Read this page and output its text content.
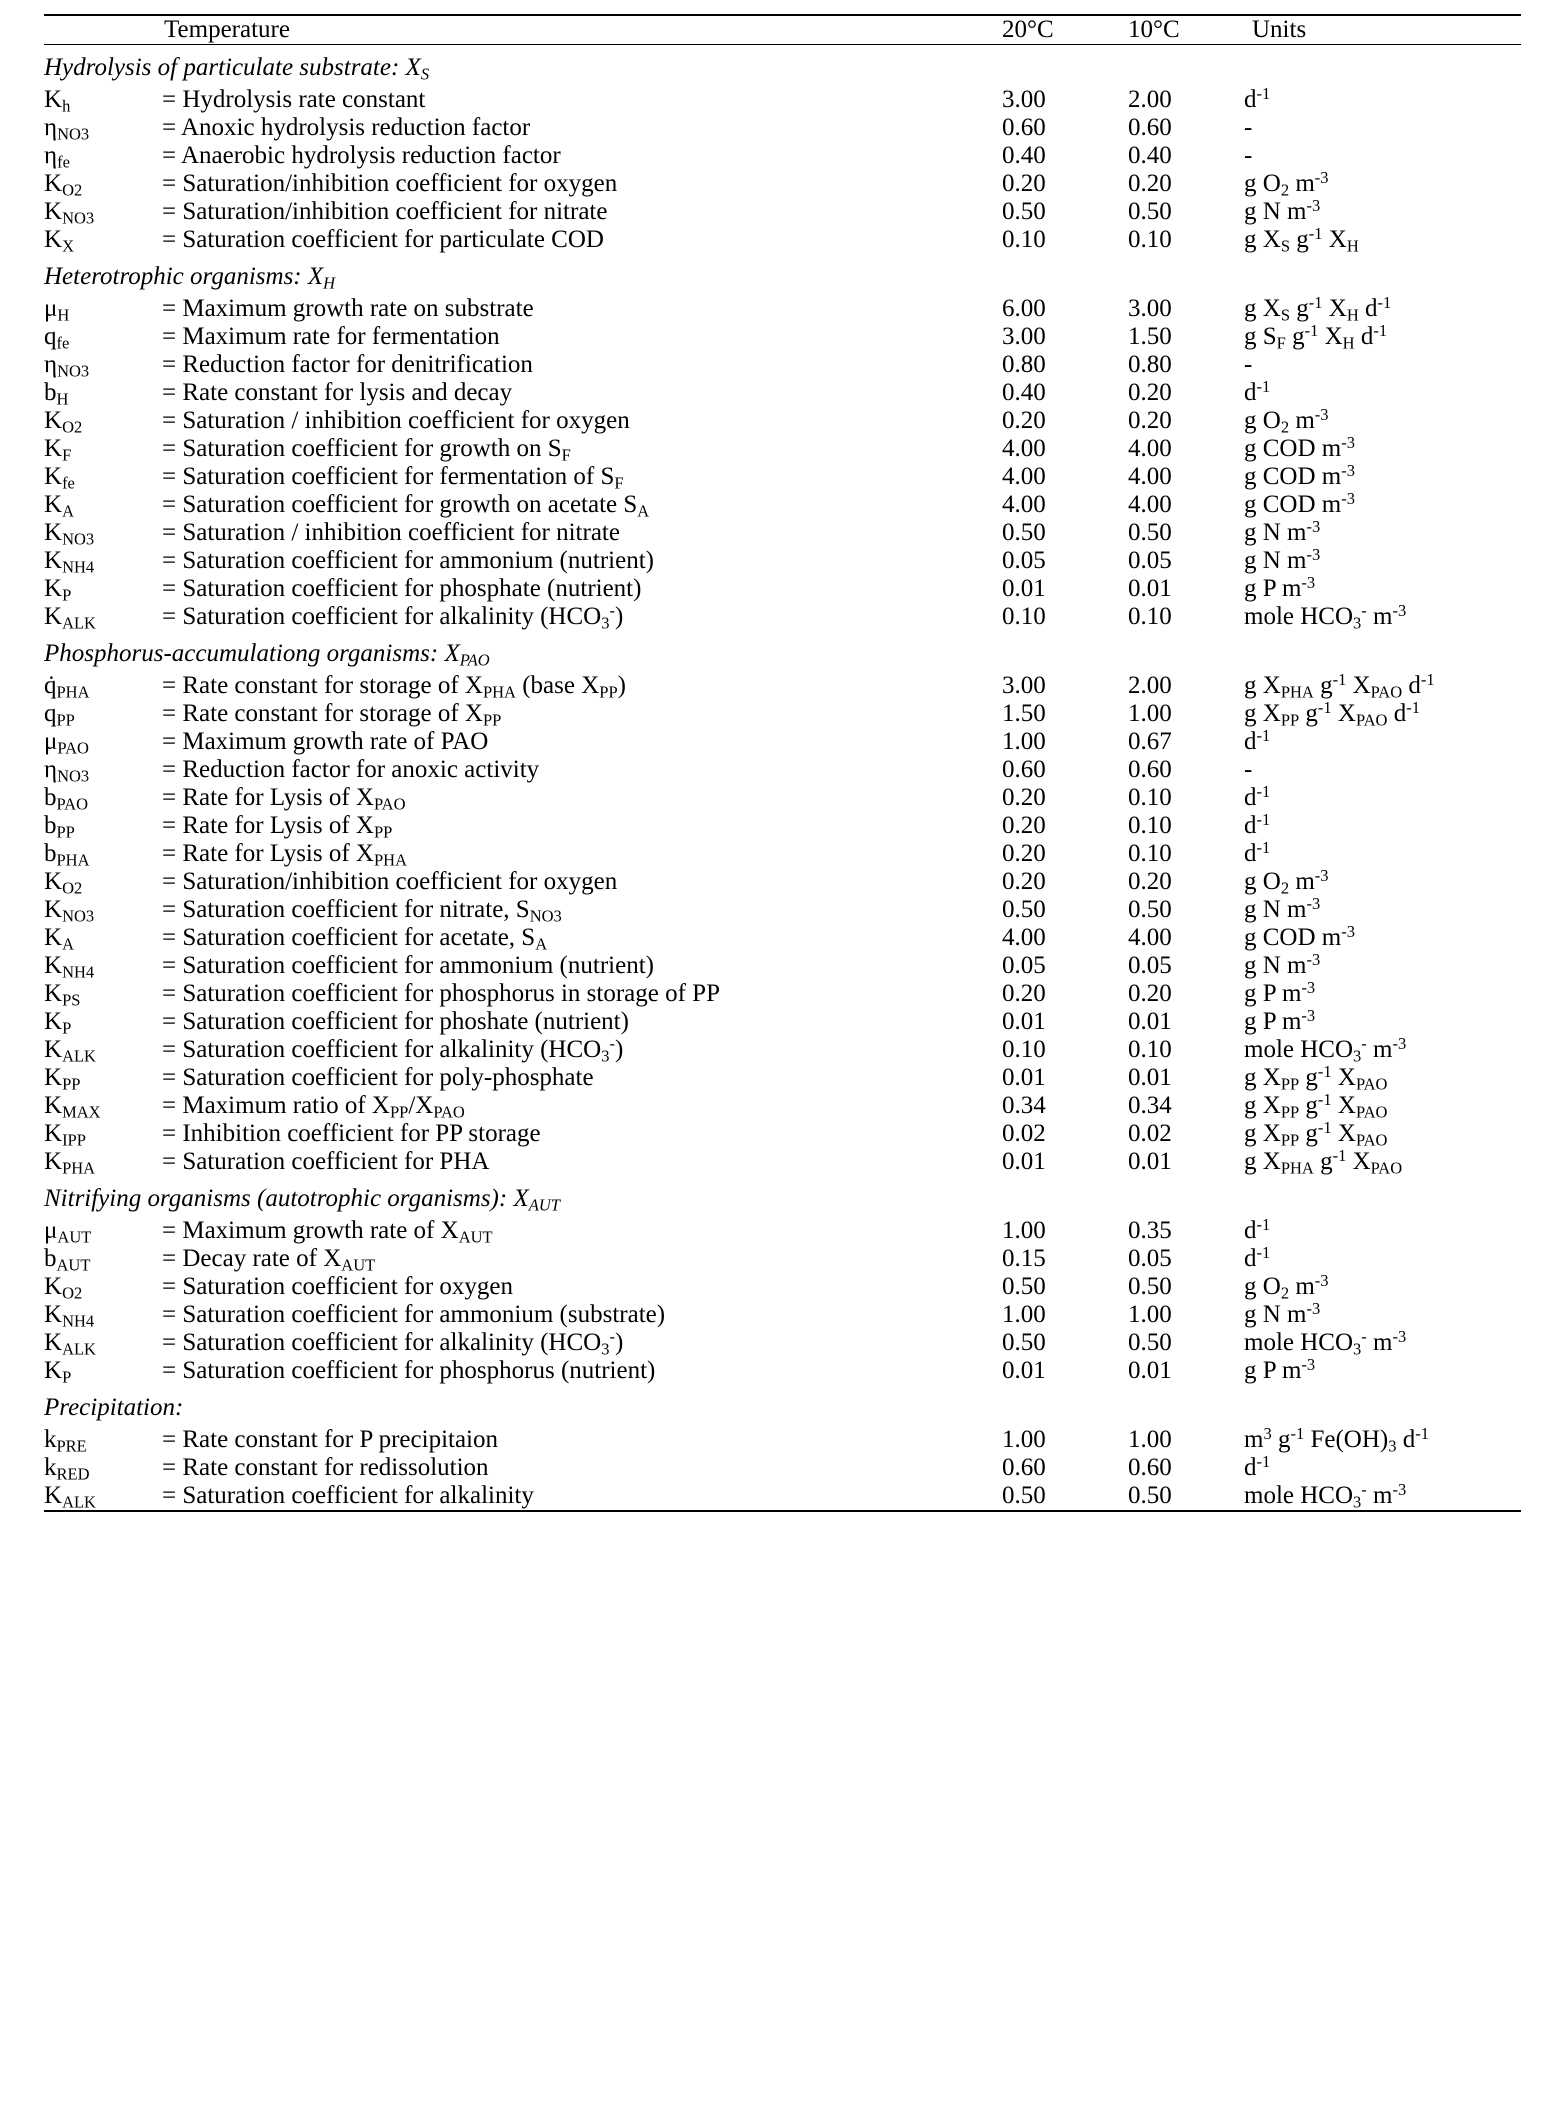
	Temperature	20°C	10°C	Units
Hydrolysis of particulate substrate: $X_S$
$K_h$	= Hydrolysis rate constant	3.00	2.00	$d^{-1}$
$\eta_{NO3}$	= Anoxic hydrolysis reduction factor	0.60	0.60	-
$\eta_{fe}$	= Anaerobic hydrolysis reduction factor	0.40	0.40	-
$K_{O2}$	= Saturation/inhibition coefficient for oxygen	0.20	0.20	g $O_2$ $m^{-3}$
$K_{NO3}$	= Saturation/inhibition coefficient for nitrate	0.50	0.50	g N $m^{-3}$
$K_X$	= Saturation coefficient for particulate COD	0.10	0.10	g $X_S$ $g^{-1}$ $X_H$
Heterotrophic organisms: $X_H$
$\mu_H$	= Maximum growth rate on substrate	6.00	3.00	g $X_S$ $g^{-1}$ $X_H$ $d^{-1}$
$q_{fe}$	= Maximum rate for fermentation	3.00	1.50	g $S_F$ $g^{-1}$ $X_H$ $d^{-1}$
$\eta_{NO3}$	= Reduction factor for denitrification	0.80	0.80	-
$b_H$	= Rate constant for lysis and decay	0.40	0.20	$d^{-1}$
$K_{O2}$	= Saturation / inhibition coefficient for oxygen	0.20	0.20	g $O_2$ $m^{-3}$
$K_F$	= Saturation coefficient for growth on $S_F$	4.00	4.00	g COD $m^{-3}$
$K_{fe}$	= Saturation coefficient for fermentation of $S_F$	4.00	4.00	g COD $m^{-3}$
$K_A$	= Saturation coefficient for growth on acetate $S_A$	4.00	4.00	g COD $m^{-3}$
$K_{NO3}$	= Saturation / inhibition coefficient for nitrate	0.50	0.50	g N $m^{-3}$
$K_{NH4}$	= Saturation coefficient for ammonium (nutrient)	0.05	0.05	g N $m^{-3}$
$K_P$	= Saturation coefficient for phosphate (nutrient)	0.01	0.01	g P $m^{-3}$
$K_{ALK}$	= Saturation coefficient for alkalinity $(HCO_3^-)$	0.10	0.10	mole $HCO_3^-$ $m^{-3}$
Phosphorus-accumulationg organisms: $X_{PAO}$
$q̇_{PHA}$	= Rate constant for storage of $X_{PHA}$ (base $X_{PP}$)	3.00	2.00	g $X_{PHA}$ $g^{-1}$ $X_{PAO}$ $d^{-1}$
$q_{PP}$	= Rate constant for storage of $X_{PP}$	1.50	1.00	g $X_{PP}$ $g^{-1}$ $X_{PAO}$ $d^{-1}$
$\mu_{PAO}$	= Maximum growth rate of PAO	1.00	0.67	$d^{-1}$
$\eta_{NO3}$	= Reduction factor for anoxic activity	0.60	0.60	-
$b_{PAO}$	= Rate for Lysis of $X_{PAO}$	0.20	0.10	$d^{-1}$
$b_{PP}$	= Rate for Lysis of $X_{PP}$	0.20	0.10	$d^{-1}$
$b_{PHA}$	= Rate for Lysis of $X_{PHA}$	0.20	0.10	$d^{-1}$
$K_{O2}$	= Saturation/inhibition coefficient for oxygen	0.20	0.20	g $O_2$ $m^{-3}$
$K_{NO3}$	= Saturation coefficient for nitrate, $S_{NO3}$	0.50	0.50	g N $m^{-3}$
$K_A$	= Saturation coefficient for acetate, $S_A$	4.00	4.00	g COD $m^{-3}$
$K_{NH4}$	= Saturation coefficient for ammonium (nutrient)	0.05	0.05	g N $m^{-3}$
$K_{PS}$	= Saturation coefficient for phosphorus in storage of PP	0.20	0.20	g P $m^{-3}$
$K_P$	= Saturation coefficient for phoshate (nutrient)	0.01	0.01	g P $m^{-3}$
$K_{ALK}$	= Saturation coefficient for alkalinity $(HCO_3^-)$	0.10	0.10	mole $HCO_3^-$ $m^{-3}$
$K_{PP}$	= Saturation coefficient for poly-phosphate	0.01	0.01	g $X_{PP}$ $g^{-1}$ $X_{PAO}$
$K_{MAX}$	= Maximum ratio of $X_{PP}/X_{PAO}$	0.34	0.34	g $X_{PP}$ $g^{-1}$ $X_{PAO}$
$K_{IPP}$	= Inhibition coefficient for PP storage	0.02	0.02	g $X_{PP}$ $g^{-1}$ $X_{PAO}$
$K_{PHA}$	= Saturation coefficient for PHA	0.01	0.01	g $X_{PHA}$ $g^{-1}$ $X_{PAO}$
Nitrifying organisms (autotrophic organisms): $X_{AUT}$
$\mu_{AUT}$	= Maximum growth rate of $X_{AUT}$	1.00	0.35	$d^{-1}$
$b_{AUT}$	= Decay rate of $X_{AUT}$	0.15	0.05	$d^{-1}$
$K_{O2}$	= Saturation coefficient for oxygen	0.50	0.50	g $O_2$ $m^{-3}$
$K_{NH4}$	= Saturation coefficient for ammonium (substrate)	1.00	1.00	g N $m^{-3}$
$K_{ALK}$	= Saturation coefficient for alkalinity $(HCO_3^-)$	0.50	0.50	mole $HCO_3^-$ $m^{-3}$
$K_P$	= Saturation coefficient for phosphorus (nutrient)	0.01	0.01	g P $m^{-3}$
Precipitation:				
$k_{PRE}$	= Rate constant for P precipitaion	1.00	1.00	$m^3$ $g^{-1}$ $Fe(OH)_3$ $d^{-1}$
$k_{RED}$	= Rate constant for redissolution	0.60	0.60	$d^{-1}$
$K_{ALK}$	= Saturation coefficient for alkalinity	0.50	0.50	mole $HCO_3^-$ $m^{-3}$
